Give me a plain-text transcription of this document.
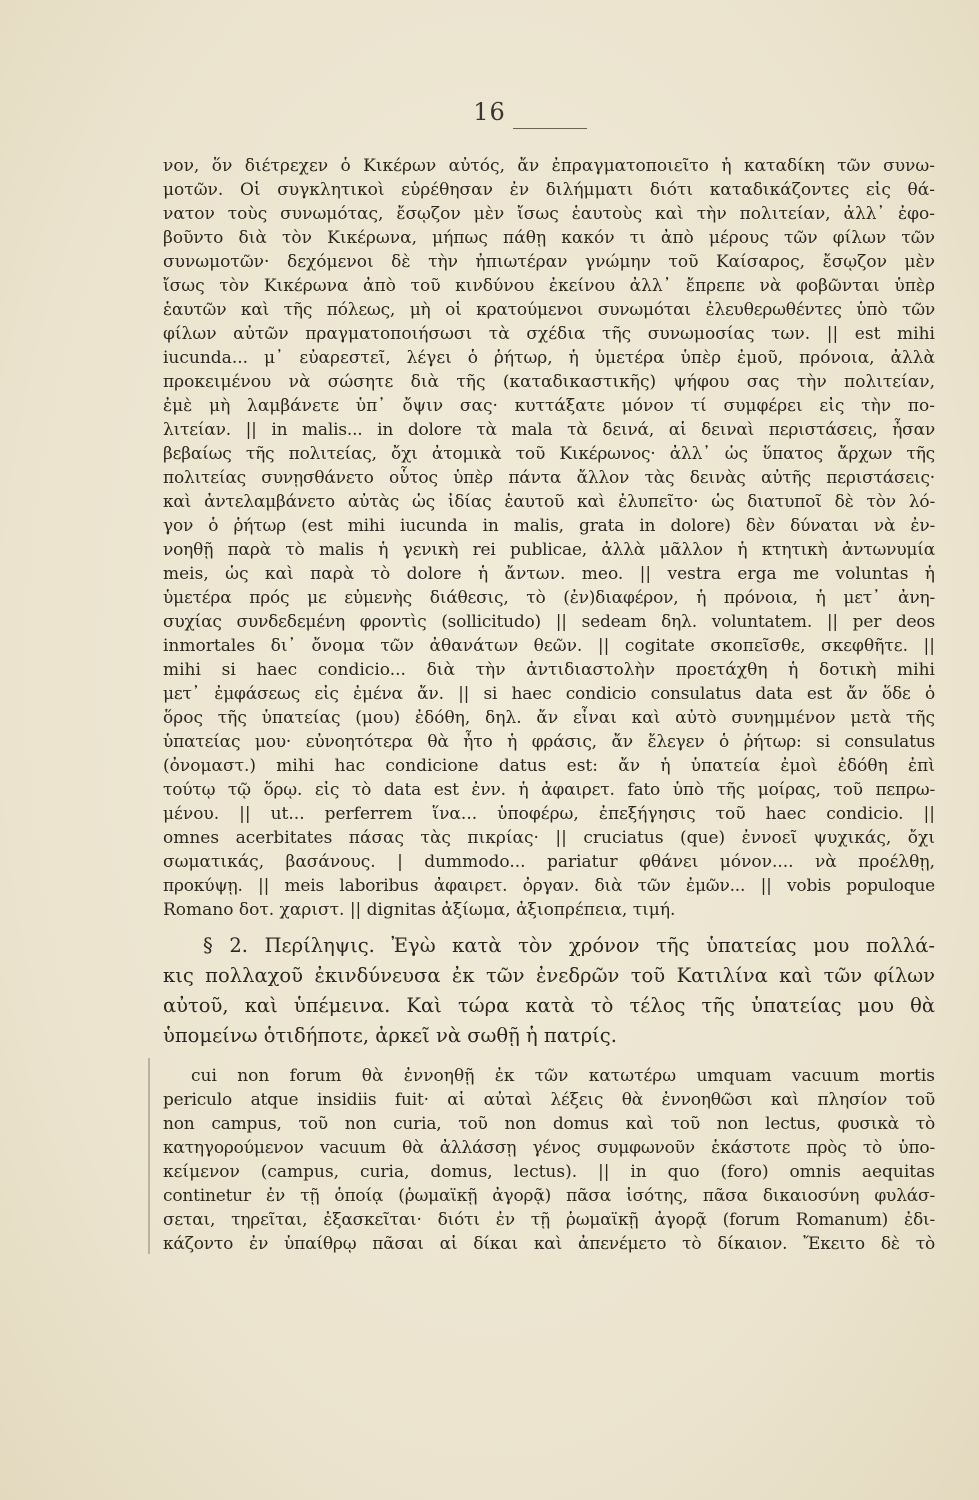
16
νον, ὅν διέτρεχεν ὁ Κικέρων αὐτός, ἄν ἐπραγματοποιεῖτο ἡ καταδίκη τῶν συνω-
μοτῶν. Οἱ συγκλητικοὶ εὑρέθησαν ἐν διλήμματι διότι καταδικάζοντες εἰς θά-
νατον τοὺς συνωμότας, ἔσῳζον μὲν ἴσως ἑαυτοὺς καὶ τὴν πολιτείαν, ἀλλ᾽ ἐφο-
βοῦντο διὰ τὸν Κικέρωνα, μήπως πάθῃ κακόν τι ἀπὸ μέρους τῶν φίλων τῶν
συνωμοτῶν· δεχόμενοι δὲ τὴν ἠπιωτέραν γνώμην τοῦ Καίσαρος, ἔσῳζον μὲν
ἴσως τὸν Κικέρωνα ἀπὸ τοῦ κινδύνου ἐκείνου ἀλλ᾽ ἔπρεπε νὰ φοβῶνται ὑπὲρ
ἑαυτῶν καὶ τῆς πόλεως, μὴ οἱ κρατούμενοι συνωμόται ἐλευθερωθέντες ὑπὸ τῶν
φίλων αὐτῶν πραγματοποιήσωσι τὰ σχέδια τῆς συνωμοσίας των. || est mihi
iucunda... μ᾽ εὐαρεστεῖ, λέγει ὁ ῥήτωρ, ἡ ὑμετέρα ὑπὲρ ἐμοῦ, πρόνοια, ἀλλὰ
προκειμένου νὰ σώσητε διὰ τῆς (καταδικαστικῆς) ψήφου σας τὴν πολιτείαν,
ἐμὲ μὴ λαμβάνετε ὑπ᾽ ὄψιν σας· κυττάξατε μόνον τί συμφέρει εἰς τὴν πο-
λιτείαν. || in malis... in dolore τὰ mala τὰ δεινά, αἱ δειναὶ περιστάσεις, ἦσαν
βεβαίως τῆς πολιτείας, ὄχι ἀτομικὰ τοῦ Κικέρωνος· ἀλλ᾽ ὡς ὕπατος ἄρχων τῆς
πολιτείας συνῃσθάνετο οὗτος ὑπὲρ πάντα ἄλλον τὰς δεινὰς αὐτῆς περιστάσεις·
καὶ ἀντελαμβάνετο αὐτὰς ὡς ἰδίας ἑαυτοῦ καὶ ἐλυπεῖτο· ὡς διατυποῖ δὲ τὸν λό-
γον ὁ ῥήτωρ (est mihi iucunda in malis, grata in dolore) δὲν δύναται νὰ ἐν-
νοηθῇ παρὰ τὸ malis ἡ γενικὴ rei publicae, ἀλλὰ μᾶλλον ἡ κτητικὴ ἀντωνυμία
meis, ὡς καὶ παρὰ τὸ dolore ἡ ἄντων. meo. || vestra erga me voluntas ἡ
ὑμετέρα πρός με εὐμενὴς διάθεσις, τὸ (ἐν)διαφέρον, ἡ πρόνοια, ἡ μετ᾽ ἀνη-
συχίας συνδεδεμένη φροντὶς (sollicitudo) || sedeam δηλ. voluntatem. || per deos
inmortales δι᾽ ὄνομα τῶν ἀθανάτων θεῶν. || cogitate σκοπεῖσθε, σκεφθῆτε. ||
mihi si haec condicio... διὰ τὴν ἀντιδιαστολὴν προετάχθη ἡ δοτικὴ mihi
μετ᾽ ἐμφάσεως εἰς ἐμένα ἄν. || si haec condicio consulatus data est ἄν ὅδε ὁ
ὅρος τῆς ὑπατείας (μου) ἐδόθη, δηλ. ἄν εἶναι καὶ αὐτὸ συνημμένον μετὰ τῆς
ὑπατείας μου· εὐνοητότερα θὰ ἦτο ἡ φράσις, ἄν ἔλεγεν ὁ ῥήτωρ: si consulatus
(ὀνομαστ.) mihi hac condicione datus est: ἄν ἡ ὑπατεία ἐμοὶ ἐδόθη ἐπὶ
τούτῳ τῷ ὅρῳ. εἰς τὸ data est ἐνν. ἡ ἀφαιρετ. fato ὑπὸ τῆς μοίρας, τοῦ πεπρω-
μένου. || ut... perferrem ἵνα... ὑποφέρω, ἐπεξήγησις τοῦ haec condicio. ||
omnes acerbitates πάσας τὰς πικρίας· || cruciatus (que) ἐννοεῖ ψυχικάς, ὄχι
σωματικάς, βασάνους. | dummodo... pariatur φθάνει μόνον.... νὰ προέλθῃ,
προκύψῃ. || meis laboribus ἀφαιρετ. ὀργαν. διὰ τῶν ἐμῶν... || vobis populoque
Romano δοτ. χαριστ. || dignitas ἀξίωμα, ἀξιοπρέπεια, τιμή.
§ 2. Περίληψις. Ἐγὼ κατὰ τὸν χρόνον τῆς ὑπατείας μου πολλά-
κις πολλαχοῦ ἐκινδύνευσα ἐκ τῶν ἐνεδρῶν τοῦ Κατιλίνα καὶ τῶν φίλων
αὐτοῦ, καὶ ὑπέμεινα. Καὶ τώρα κατὰ τὸ τέλος τῆς ὑπατείας μου θὰ
ὑπομείνω ὁτιδήποτε, ἀρκεῖ νὰ σωθῇ ἡ πατρίς.
cui non forum θὰ ἐννοηθῇ ἐκ τῶν κατωτέρω umquam vacuum mortis
periculo atque insidiis fuit· αἱ αὐταὶ λέξεις θὰ ἐννοηθῶσι καὶ πλησίον τοῦ
non campus, τοῦ non curia, τοῦ non domus καὶ τοῦ non lectus, φυσικὰ τὸ
κατηγορούμενον vacuum θὰ ἀλλάσσῃ γένος συμφωνοῦν ἑκάστοτε πρὸς τὸ ὑπο-
κείμενον (campus, curia, domus, lectus). || in quo (foro) omnis aequitas
continetur ἐν τῇ ὁποίᾳ (ῥωμαϊκῇ ἀγορᾷ) πᾶσα ἰσότης, πᾶσα δικαιοσύνη φυλάσ-
σεται, τηρεῖται, ἐξασκεῖται· διότι ἐν τῇ ῥωμαϊκῇ ἀγορᾷ (forum Romanum) ἐδι-
κάζοντο ἐν ὑπαίθρῳ πᾶσαι αἱ δίκαι καὶ ἀπενέμετο τὸ δίκαιον. Ἔκειτο δὲ τὸ
